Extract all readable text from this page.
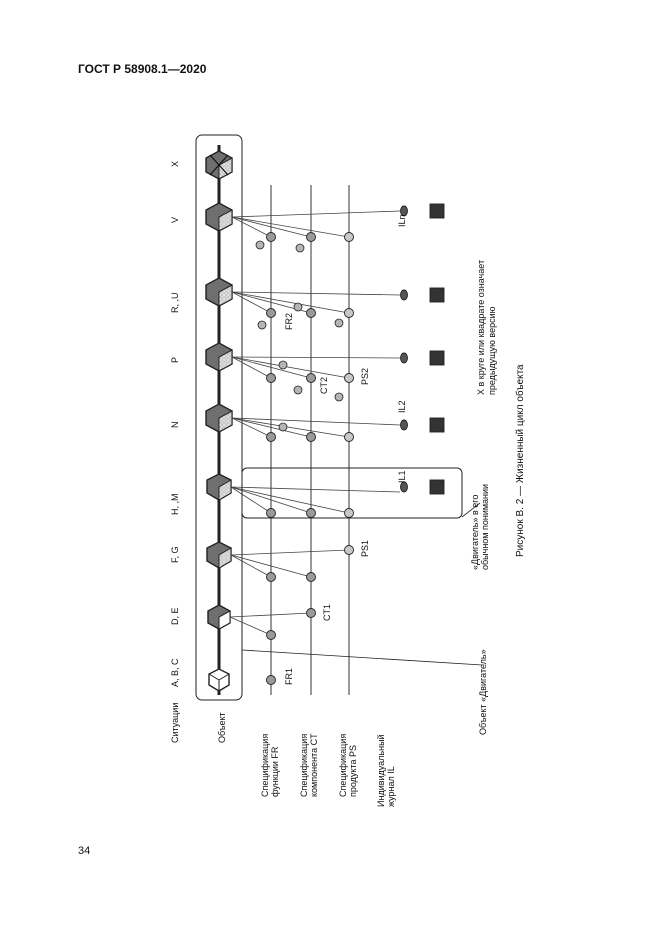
ГОСТ Р 58908.1—2020
Ситуации	Объект
Спецификацияфункции FR Спецификациякомпонента CT Спецификацияпродукта PS Индивидуальныйжурнал IL
A, B, C
D, E
F, G
H, ,M
N
P
R, ,U
V
X
FR1
FR2
CT1
CT2
PS1
PS2
IL1
IL2
ILn
«Двигатель» в егообычном понимании
Объект «Двигатель»
X в круге или квадрате означаетпредыдущую версию
Рисунок В. 2 — Жизненный цикл объекта
34
